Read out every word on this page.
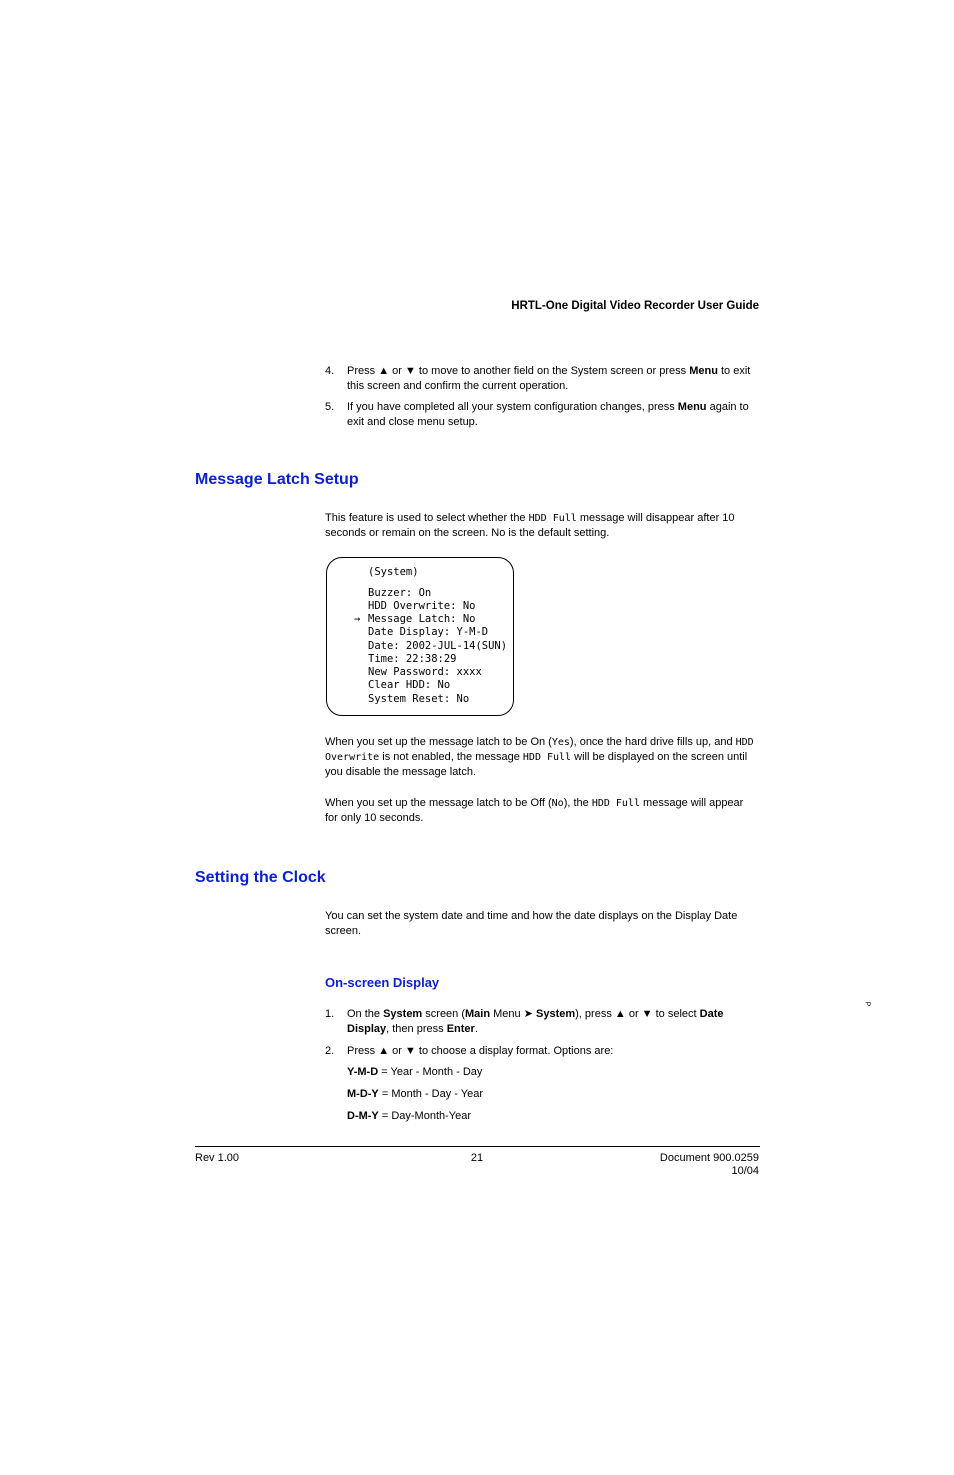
HRTL-One Digital Video Recorder User Guide
4. Press ▲ or ▼ to move to another field on the System screen or press Menu to exit this screen and confirm the current operation.
5. If you have completed all your system configuration changes, press Menu again to exit and close menu setup.
Message Latch Setup

This feature is used to select whether the HDD Full message will disappear after 10 seconds or remain on the screen. No is the default setting.

(System)
Buzzer: On
HDD Overwrite: No
→ Message Latch: No
Date Display: Y-M-D
Date: 2002-JUL-14(SUN)
Time: 22:38:29
New Password: xxxx
Clear HDD: No
System Reset: No

When you set up the message latch to be On (Yes), once the hard drive fills up, and HDD Overwrite is not enabled, the message HDD Full will be displayed on the screen until you disable the message latch.

When you set up the message latch to be Off (No), the HDD Full message will appear for only 10 seconds.

Setting the Clock

You can set the system date and time and how the date displays on the Display Date screen.

On-screen Display
1. On the System screen (Main Menu ➤ System), press ▲ or ▼ to select Date Display, then press Enter.
2. Press ▲ or ▼ to choose a display format. Options are:
Y-M-D = Year - Month - Day
M-D-Y = Month - Day - Year
D-M-Y = Day-Month-Year
P
Rev 1.00	21	Document 900.0259
10/04
